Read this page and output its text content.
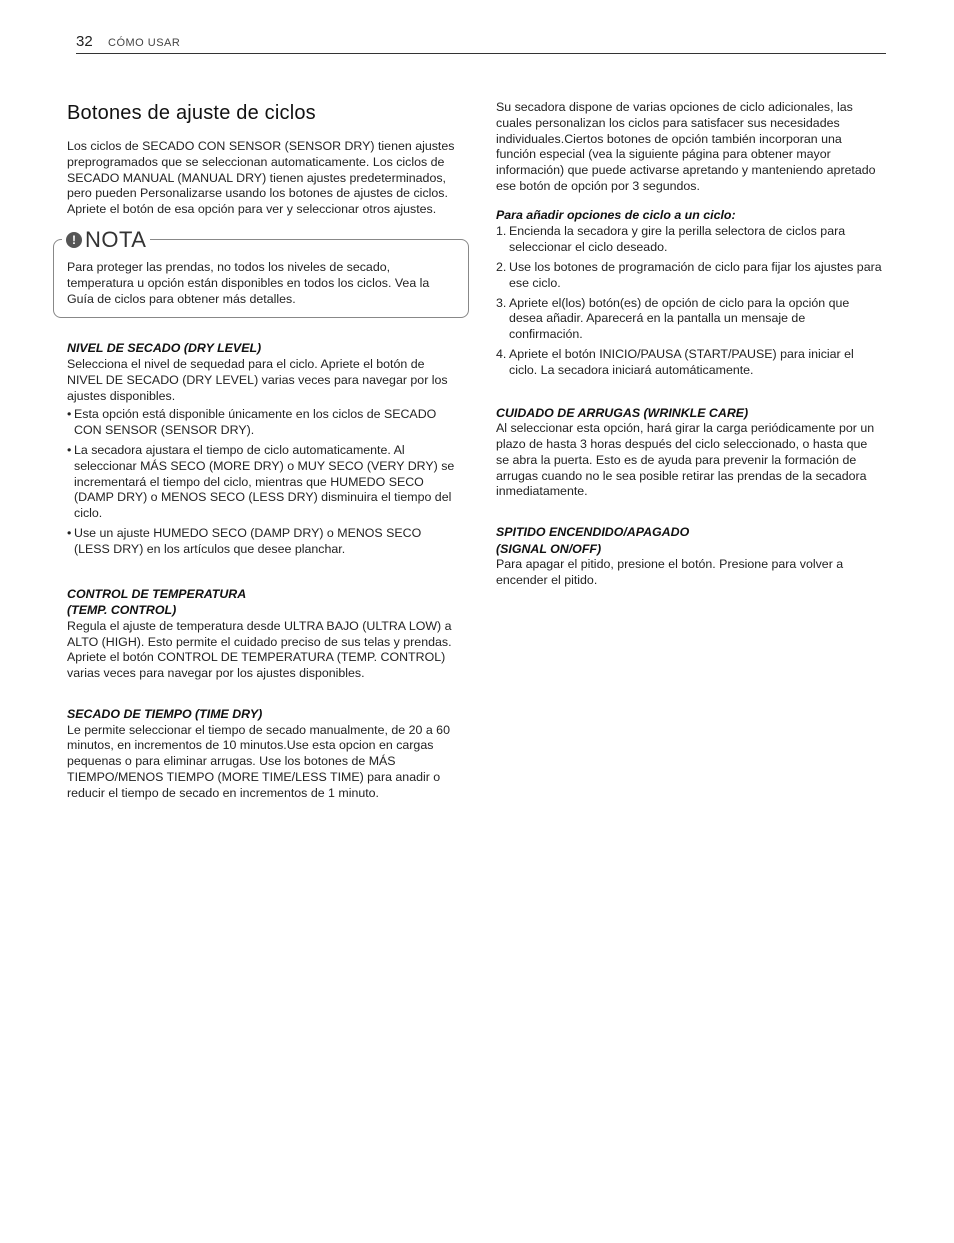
32 CÓMO USAR
Botones de ajuste de ciclos

Los ciclos de SECADO CON SENSOR (SENSOR DRY) tienen ajustes preprogramados que se seleccionan automaticamente. Los ciclos de SECADO MANUAL (MANUAL DRY) tienen ajustes predeterminados, pero pueden Personalizarse usando los botones de ajustes de ciclos. Apriete el botón de esa opción para ver y seleccionar otros ajustes.

! NOTA

Para proteger las prendas, no todos los niveles de secado, temperatura u opción están disponibles en todos los ciclos. Vea la Guía de ciclos para obtener más detalles.

NIVEL DE SECADO (DRY LEVEL)

Selecciona el nivel de sequedad para el ciclo. Apriete el botón de NIVEL DE SECADO (DRY LEVEL) varias veces para navegar por los ajustes disponibles.

• Esta opción está disponible únicamente en los ciclos de SECADO CON SENSOR (SENSOR DRY).
• La secadora ajustara el tiempo de ciclo automaticamente. Al seleccionar MÁS SECO (MORE DRY) o MUY SECO (VERY DRY) se incrementará el tiempo del ciclo, mientras que HUMEDO SECO (DAMP DRY) o MENOS SECO (LESS DRY) disminuira el tiempo del ciclo.
• Use un ajuste HUMEDO SECO (DAMP DRY) o MENOS SECO (LESS DRY) en los artículos que desee planchar.
CONTROL DE TEMPERATURA
(TEMP. CONTROL)

Regula el ajuste de temperatura desde ULTRA BAJO (ULTRA LOW) a ALTO (HIGH). Esto permite el cuidado preciso de sus telas y prendas. Apriete el botón CONTROL DE TEMPERATURA (TEMP. CONTROL) varias veces para navegar por los ajustes disponibles.

SECADO DE TIEMPO (TIME DRY)

Le permite seleccionar el tiempo de secado manualmente, de 20 a 60 minutos, en incrementos de 10 minutos.Use esta opcion en cargas pequenas o para eliminar arrugas. Use los botones de MÁS TIEMPO/MENOS TIEMPO (MORE TIME/LESS TIME) para anadir o reducir el tiempo de secado en incrementos de 1 minuto.

Su secadora dispone de varias opciones de ciclo adicionales, las cuales personalizan los ciclos para satisfacer sus necesidades individuales.Ciertos botones de opción también incorporan una función especial (vea la siguiente página para obtener mayor información) que puede activarse apretando y manteniendo apretado ese botón de opción por 3 segundos.

Para añadir opciones de ciclo a un ciclo:
1. Encienda la secadora y gire la perilla selectora de ciclos para seleccionar el ciclo deseado.
2. Use los botones de programación de ciclo para fijar los ajustes para ese ciclo.
3. Apriete el(los) botón(es) de opción de ciclo para la opción que desea añadir. Aparecerá en la pantalla un mensaje de confirmación.
4. Apriete el botón INICIO/PAUSA (START/PAUSE) para iniciar el ciclo. La secadora iniciará automáticamente.
CUIDADO DE ARRUGAS (WRINKLE CARE)

Al seleccionar esta opción, hará girar la carga periódicamente por un plazo de hasta 3 horas después del ciclo seleccionado, o hasta que se abra la puerta. Esto es de ayuda para prevenir la formación de arrugas cuando no le sea posible retirar las prendas de la secadora inmediatamente.

SPITIDO ENCENDIDO/APAGADO
(SIGNAL ON/OFF)

Para apagar el pitido, presione el botón. Presione para volver a encender el pitido.
